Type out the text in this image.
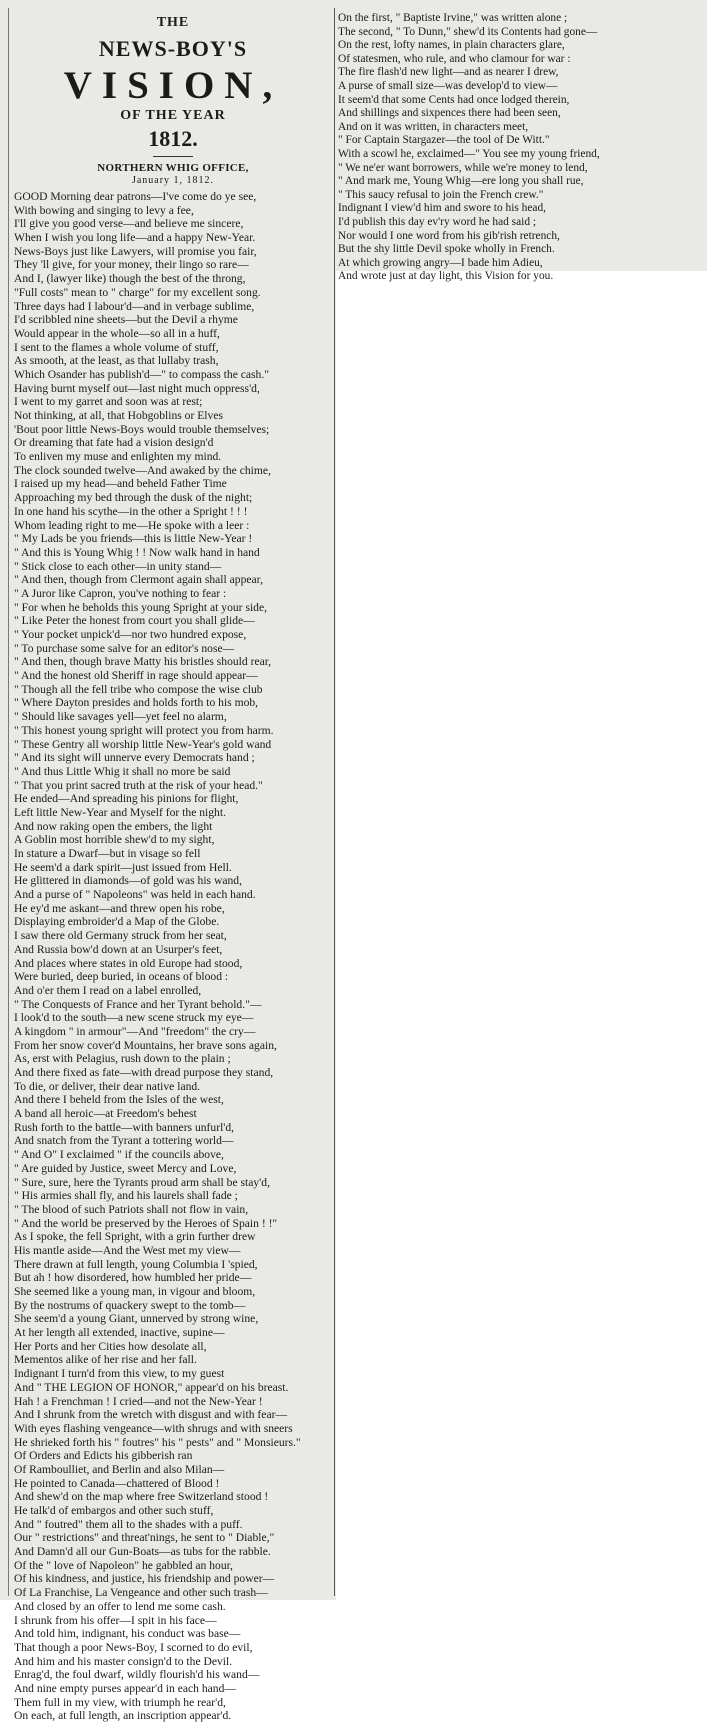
THE
NEWS-BOY'S
VISION,
OF THE YEAR
1812.
NORTHERN WHIG OFFICE,
January 1, 1812.
GOOD Morning dear patrons—I've come do ye see,
With bowing and singing to levy a fee,
I'll give you good verse—and believe me sincere,
When I wish you long life—and a happy New-Year.
News-Boys just like Lawyers, will promise you fair,
They 'll give, for your money, their lingo so rare—
And I, (lawyer like) though the best of the throng,
"Full costs" mean to " charge" for my excellent song.
Three days had I labour'd—and in verbage sublime,
I'd scribbled nine sheets—but the Devil a rhyme
Would appear in the whole—so all in a huff,
I sent to the flames a whole volume of stuff,
As smooth, at the least, as that lullaby trash,
Which Osander has publish'd—" to compass the cash."
Having burnt myself out—last night much oppress'd,
I went to my garret and soon was at rest;
Not thinking, at all, that Hobgoblins or Elves
'Bout poor little News-Boys would trouble themselves;
Or dreaming that fate had a vision design'd
To enliven my muse and enlighten my mind.
The clock sounded twelve—And awaked by the chime,
I raised up my head—and beheld Father Time
Approaching my bed through the dusk of the night;
In one hand his scythe—in the other a Spright ! ! !
Whom leading right to me—He spoke with a leer :
" My Lads be you friends—this is little New-Year !
" And this is Young Whig ! ! Now walk hand in hand
" Stick close to each other—in unity stand—
" And then, though from Clermont again shall appear,
" A Juror like Capron, you've nothing to fear :
" For when he beholds this young Spright at your side,
" Like Peter the honest from court you shall glide—
" Your pocket unpick'd—nor two hundred expose,
" To purchase some salve for an editor's nose—
" And then, though brave Matty his bristles should rear,
" And the honest old Sheriff in rage should appear—
" Though all the fell tribe who compose the wise club
" Where Dayton presides and holds forth to his mob,
" Should like savages yell—yet feel no alarm,
" This honest young spright will protect you from harm.
" These Gentry all worship little New-Year's gold wand
" And its sight will unnerve every Democrats hand ;
" And thus Little Whig it shall no more be said
" That you print sacred truth at the risk of your head."
He ended—And spreading his pinions for flight,
Left little New-Year and Myself for the night.
And now raking open the embers, the light
A Goblin most horrible shew'd to my sight,
In stature a Dwarf—but in visage so fell
He seem'd a dark spirit—just issued from Hell.
He glittered in diamonds—of gold was his wand,
And a purse of " Napoleons" was held in each hand.
He ey'd me askant—and threw open his robe,
Displaying embroider'd a Map of the Globe.
I saw there old Germany struck from her seat,
And Russia bow'd down at an Usurper's feet,
And places where states in old Europe had stood,
Were buried, deep buried, in oceans of blood :
And o'er them I read on a label enrolled,
" The Conquests of France and her Tyrant behold."—
I look'd to the south—a new scene struck my eye—
A kingdom " in armour"—And "freedom" the cry—
From her snow cover'd Mountains, her brave sons again,
As, erst with Pelagius, rush down to the plain ;
And there fixed as fate—with dread purpose they stand,
To die, or deliver, their dear native land.
And there I beheld from the Isles of the west,
A band all heroic—at Freedom's behest
Rush forth to the battle—with banners unfurl'd,
And snatch from the Tyrant a tottering world—
" And O" I exclaimed " if the councils above,
" Are guided by Justice, sweet Mercy and Love,
" Sure, sure, here the Tyrants proud arm shall be stay'd,
" His armies shall fly, and his laurels shall fade ;
" The blood of such Patriots shall not flow in vain,
" And the world be preserved by the Heroes of Spain ! !"
As I spoke, the fell Spright, with a grin further drew
His mantle aside—And the West met my view—
There drawn at full length, young Columbia I 'spied,
But ah ! how disordered, how humbled her pride—
She seemed like a young man, in vigour and bloom,
By the nostrums of quackery swept to the tomb—
She seem'd a young Giant, unnerved by strong wine,
At her length all extended, inactive, supine—
Her Ports and her Cities how desolate all,
Mementos alike of her rise and her fall.
Indignant I turn'd from this view, to my guest
And " THE LEGION OF HONOR," appear'd on his breast.
Hah ! a Frenchman ! I cried—and not the New-Year !
And I shrunk from the wretch with disgust and with fear—
With eyes flashing vengeance—with shrugs and with sneers
He shrieked forth his " foutres" his " pests" and " Monsieurs."
Of Orders and Edicts his gibberish ran
Of Ramboulliet, and Berlin and also Milan—
He pointed to Canada—chattered of Blood !
And shew'd on the map where free Switzerland stood !
He talk'd of embargos and other such stuff,
And " foutred" them all to the shades with a puff.
Our " restrictions" and threat'nings, he sent to " Diable,"
And Damn'd all our Gun-Boats—as tubs for the rabble.
Of the " love of Napoleon" he gabbled an hour,
Of his kindness, and justice, his friendship and power—
Of La Franchise, La Vengeance and other such trash—
And closed by an offer to lend me some cash.
I shrunk from his offer—I spit in his face—
And told him, indignant, his conduct was base—
That though a poor News-Boy, I scorned to do evil,
And him and his master consign'd to the Devil.
Enrag'd, the foul dwarf, wildly flourish'd his wand—
And nine empty purses appear'd in each hand—
Them full in my view, with triumph he rear'd,
On each, at full length, an inscription appear'd.
On the first, " Baptiste Irvine," was written alone ;
The second, " To Dunn," shew'd its Contents had gone—
On the rest, lofty names, in plain characters glare,
Of statesmen, who rule, and who clamour for war :
The fire flash'd new light—and as nearer I drew,
A purse of small size—was develop'd to view—
It seem'd that some Cents had once lodged therein,
And shillings and sixpences there had been seen,
And on it was written, in characters meet,
" For Captain Stargazer—the tool of De Witt."
With a scowl he, exclaimed—" You see my young friend,
" We ne'er want borrowers, while we're money to lend,
" And mark me, Young Whig—ere long you shall rue,
" This saucy refusal to join the French crew."
Indignant I view'd him and swore to his head,
I'd publish this day ev'ry word he had said ;
Nor would I one word from his gib'rish retrench,
But the shy little Devil spoke wholly in French.
At which growing angry—I bade him Adieu,
And wrote just at day light, this Vision for you.
